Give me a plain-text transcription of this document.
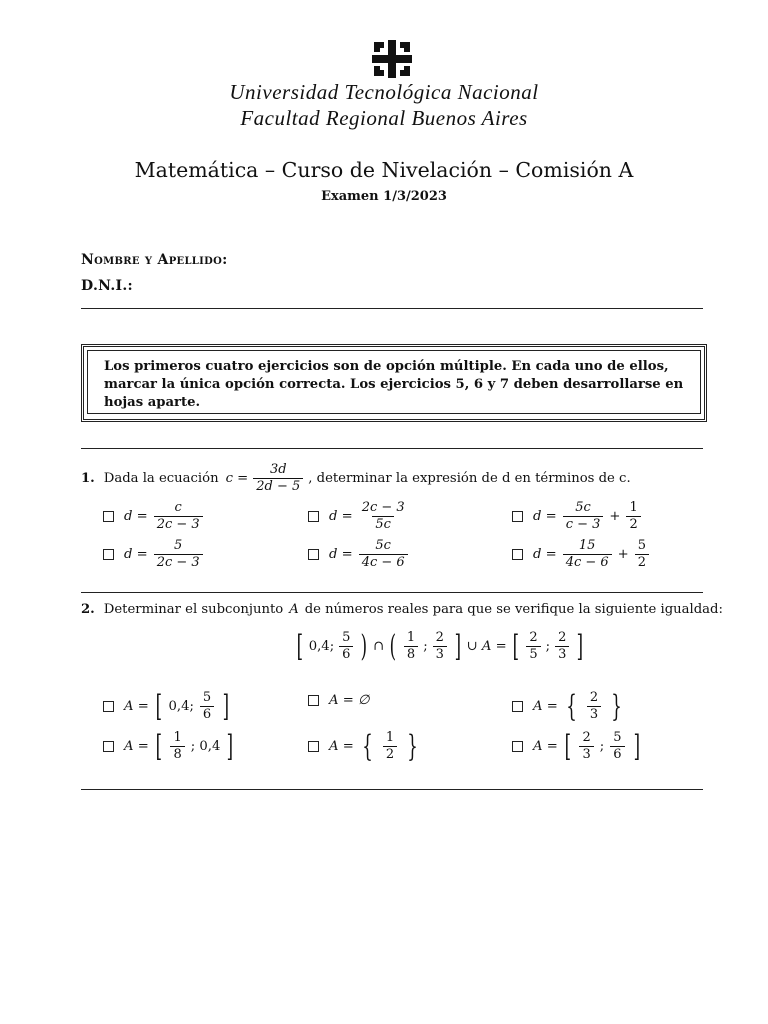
Universidad Tecnológica Nacional
Facultad Regional Buenos Aires
Matemática – Curso de Nivelación – Comisión A
Examen 1/3/2023
Nombre y Apellido:
D.N.I.:
Los primeros cuatro ejercicios son de opción múltiple. En cada uno de ellos, marcar la única opción correcta. Los ejercicios 5, 6 y 7 deben desarrollarse en hojas aparte.
1. Dada la ecuación $c = \frac{3d}{2d - 5}$ , determinar la expresión de d en términos de c.
$d = \frac{c}{2c - 3}$	$d = \frac{2c - 3}{5c}$	$d = \frac{5c}{c - 3} + \frac{1}{2}$
$d = \frac{5}{2c - 3}$	$d = \frac{5c}{4c - 6}$	$d = \frac{15}{4c - 6} + \frac{5}{2}$
2. Determinar el subconjunto A de números reales para que se verifique la siguiente igualdad:
[ 0,4; $\frac{5}{6}$ ) ∩ ( $\frac{1}{8}$ ; $\frac{2}{3}$ ] ∪ A = [ $\frac{2}{5}$ ; $\frac{2}{3}$ ]
A = [ 0,4; $\frac{5}{6}$ ]	A = ∅	A = { $\frac{2}{3}$ }
A = [ $\frac{1}{8}$ ; 0,4 ]	A = { $\frac{1}{2}$ }	A = [ $\frac{2}{3}$ ; $\frac{5}{6}$ ]
